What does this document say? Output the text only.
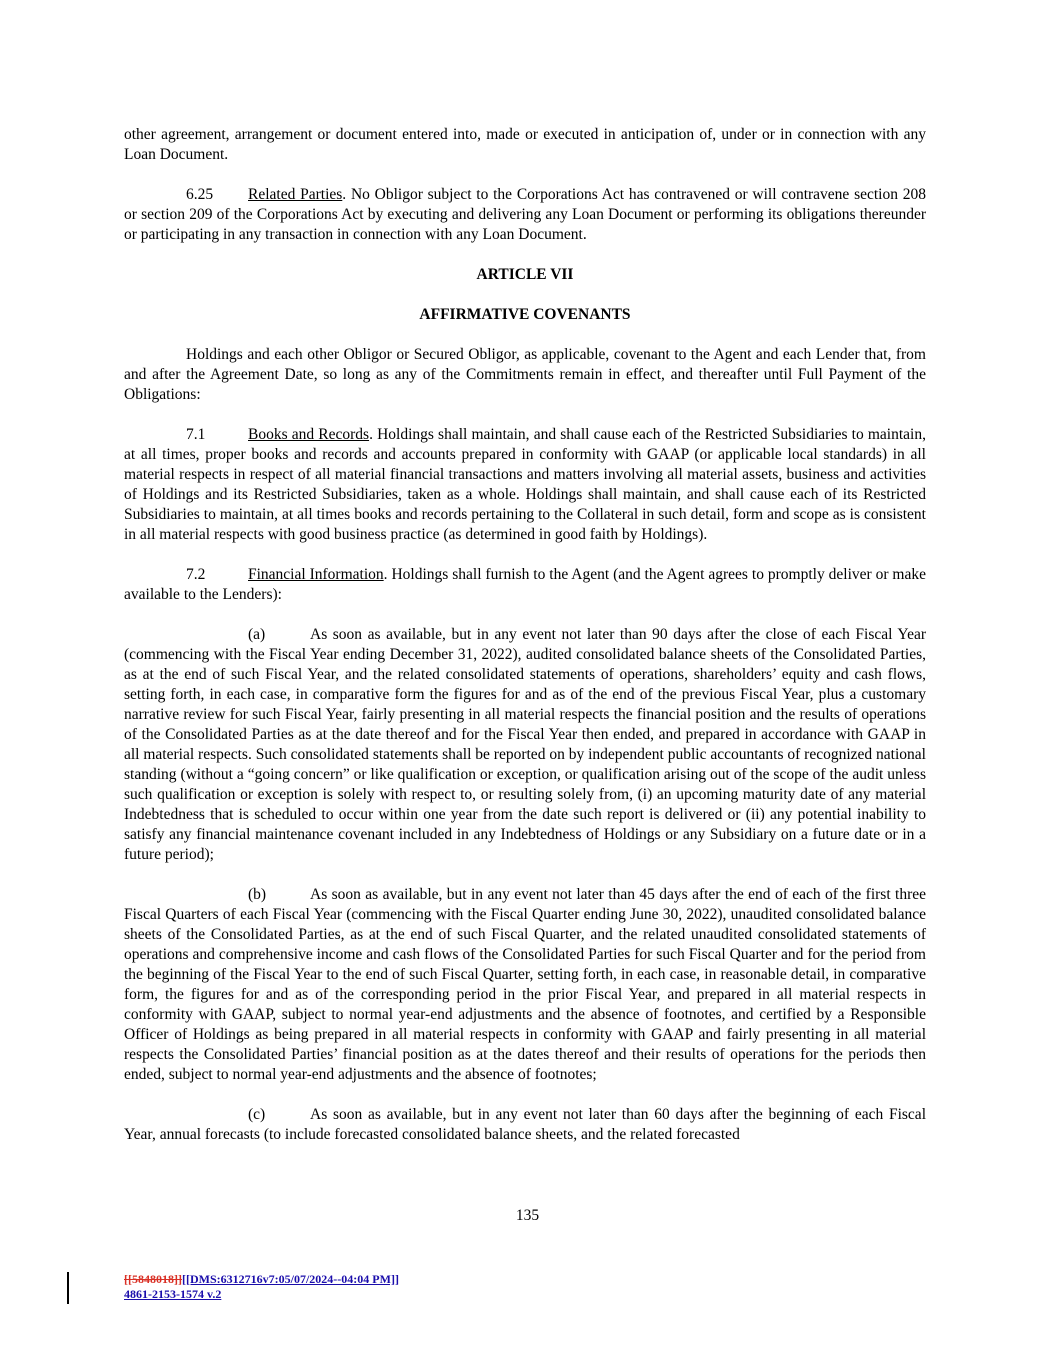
other agreement, arrangement or document entered into, made or executed in anticipation of, under or in connection with any Loan Document.

6.25 Related Parties. No Obligor subject to the Corporations Act has contravened or will contravene section 208 or section 209 of the Corporations Act by executing and delivering any Loan Document or performing its obligations thereunder or participating in any transaction in connection with any Loan Document.

ARTICLE VII

AFFIRMATIVE COVENANTS

Holdings and each other Obligor or Secured Obligor, as applicable, covenant to the Agent and each Lender that, from and after the Agreement Date, so long as any of the Commitments remain in effect, and thereafter until Full Payment of the Obligations:

7.1	Books and Records. Holdings shall maintain, and shall cause each of the Restricted Subsidiaries to maintain, at all times, proper books and records and accounts prepared in conformity with GAAP (or applicable local standards) in all material respects in respect of all material financial transactions and matters involving all material assets, business and activities of Holdings and its Restricted Subsidiaries, taken as a whole. Holdings shall maintain, and shall cause each of its Restricted Subsidiaries to maintain, at all times books and records pertaining to the Collateral in such detail, form and scope as is consistent in all material respects with good business practice (as determined in good faith by Holdings).

7.2	Financial Information. Holdings shall furnish to the Agent (and the Agent agrees to promptly deliver or make available to the Lenders):

(a)	As soon as available, but in any event not later than 90 days after the close of each Fiscal Year (commencing with the Fiscal Year ending December 31, 2022), audited consolidated balance sheets of the Consolidated Parties, as at the end of such Fiscal Year, and the related consolidated statements of operations, shareholders’ equity and cash flows, setting forth, in each case, in comparative form the figures for and as of the end of the previous Fiscal Year, plus a customary narrative review for such Fiscal Year, fairly presenting in all material respects the financial position and the results of operations of the Consolidated Parties as at the date thereof and for the Fiscal Year then ended, and prepared in accordance with GAAP in all material respects. Such consolidated statements shall be reported on by independent public accountants of recognized national standing (without a “going concern” or like qualification or exception, or qualification arising out of the scope of the audit unless such qualification or exception is solely with respect to, or resulting solely from, (i) an upcoming maturity date of any material Indebtedness that is scheduled to occur within one year from the date such report is delivered or (ii) any potential inability to satisfy any financial maintenance covenant included in any Indebtedness of Holdings or any Subsidiary on a future date or in a future period);

(b)	As soon as available, but in any event not later than 45 days after the end of each of the first three Fiscal Quarters of each Fiscal Year (commencing with the Fiscal Quarter ending June 30, 2022), unaudited consolidated balance sheets of the Consolidated Parties, as at the end of such Fiscal Quarter, and the related unaudited consolidated statements of operations and comprehensive income and cash flows of the Consolidated Parties for such Fiscal Quarter and for the period from the beginning of the Fiscal Year to the end of such Fiscal Quarter, setting forth, in each case, in reasonable detail, in comparative form, the figures for and as of the corresponding period in the prior Fiscal Year, and prepared in all material respects in conformity with GAAP, subject to normal year-end adjustments and the absence of footnotes, and certified by a Responsible Officer of Holdings as being prepared in all material respects in conformity with GAAP and fairly presenting in all material respects the Consolidated Parties’ financial position as at the dates thereof and their results of operations for the periods then ended, subject to normal year-end adjustments and the absence of footnotes;

(c)	As soon as available, but in any event not later than 60 days after the beginning of each Fiscal Year, annual forecasts (to include forecasted consolidated balance sheets, and the related forecasted

135
[[5848018]][[DMS:6312716v7:05/07/2024--04:04 PM]]
4861-2153-1574 v.2
